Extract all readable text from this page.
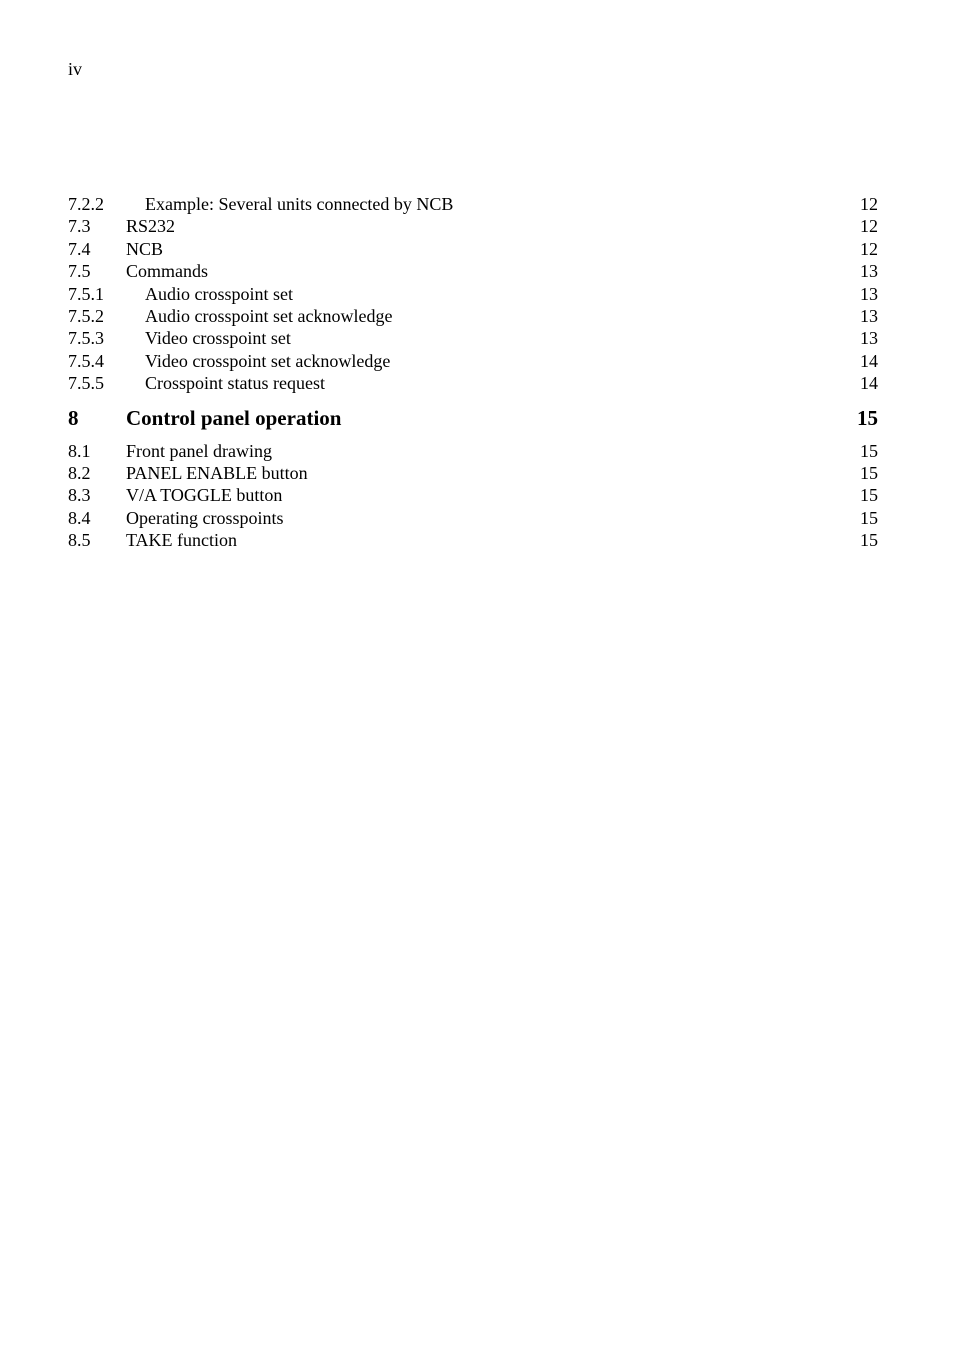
iv
7.2.2 Example: Several units connected by NCB	12
7.3 RS232	12
7.4 NCB	12
7.5 Commands	13
7.5.1 Audio crosspoint set	13
7.5.2 Audio crosspoint set acknowledge	13
7.5.3 Video crosspoint set	13
7.5.4 Video crosspoint set acknowledge	14
7.5.5 Crosspoint status request	14
8 Control panel operation	15
8.1 Front panel drawing	15
8.2 PANEL ENABLE button	15
8.3 V/A TOGGLE button	15
8.4 Operating crosspoints	15
8.5 TAKE function	15
